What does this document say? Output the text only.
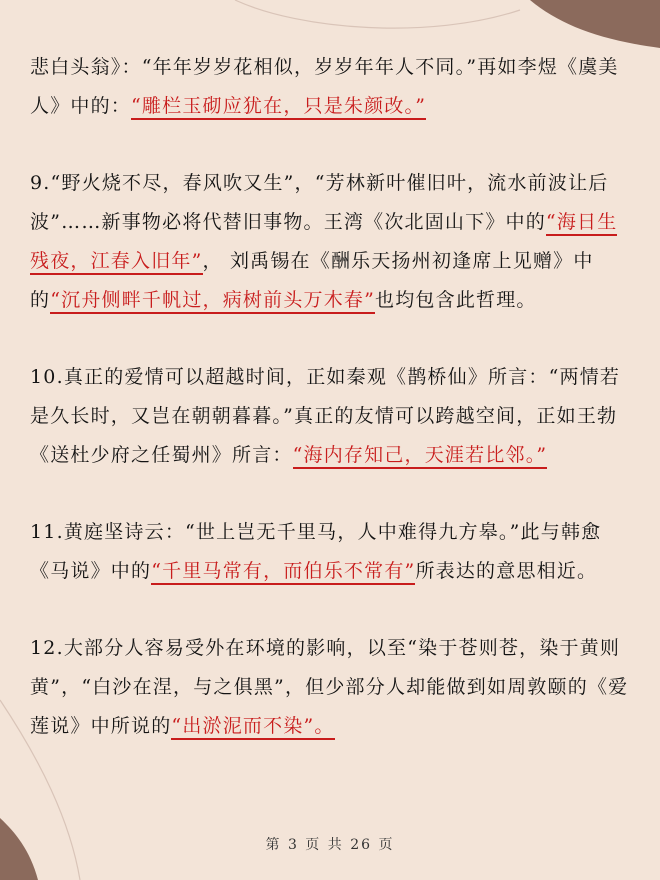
悲白头翁》：“年年岁岁花相似，岁岁年年人不同。”再如李煜《虞美人》中的：“雕栏玉砌应犹在，只是朱颜改。”

9.“野火烧不尽，春风吹又生”，“芳林新叶催旧叶，流水前波让后波”……新事物必将代替旧事物。王湾《次北固山下》中的“海日生残夜，江春入旧年”， 刘禹锡在《酬乐天扬州初逢席上见赠》中的“沉舟侧畔千帆过，病树前头万木春”也均包含此哲理。

10.真正的爱情可以超越时间，正如秦观《鹊桥仙》所言：“两情若是久长时，又岂在朝朝暮暮。”真正的友情可以跨越空间，正如王勃《送杜少府之任蜀州》所言：“海内存知己，天涯若比邻。”

11.黄庭坚诗云：“世上岂无千里马，人中难得九方皋。”此与韩愈《马说》中的“千里马常有，而伯乐不常有”所表达的意思相近。

12.大部分人容易受外在环境的影响，以至“染于苍则苍，染于黄则黄”，“白沙在涅，与之俱黑”，但少部分人却能做到如周敦颐的《爱莲说》中所说的“出淤泥而不染”。

第 3 页 共 26 页
